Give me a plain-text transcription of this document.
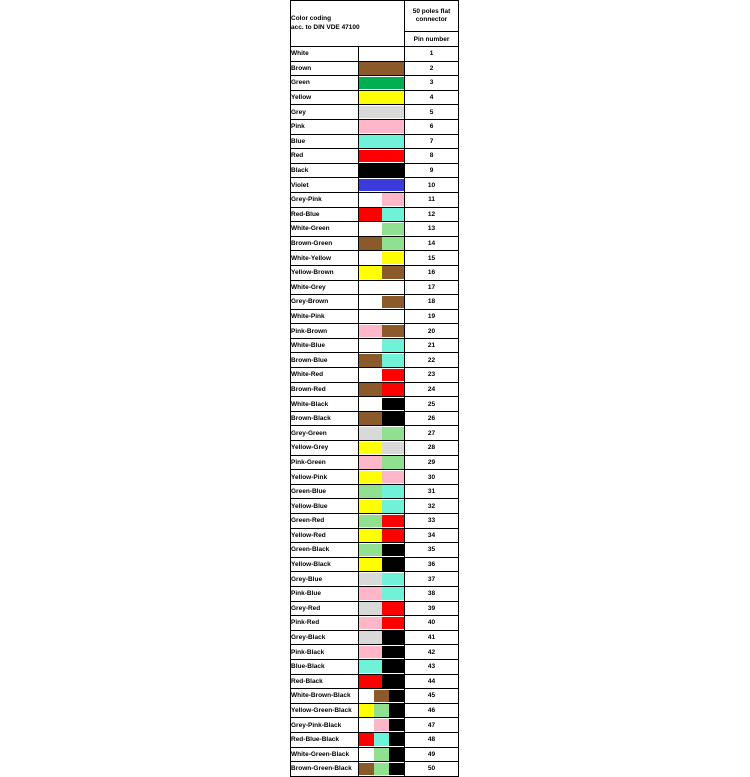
Color coding
acc. to DIN VDE 47100

50 poles flat
connector

		Pin number
White		1
Brown		2
Green		3
Yellow		4
Grey		5
Pink		6
Blue		7
Red		8
Black		9
Violet		10
Grey-Pink		11
Red-Blue		12
White-Green		13
Brown-Green		14
White-Yellow		15
Yellow-Brown		16
White-Grey		17
Grey-Brown		18
White-Pink		19
Pink-Brown		20
White-Blue		21
Brown-Blue		22
White-Red		23
Brown-Red		24
White-Black		25
Brown-Black		26
Grey-Green		27
Yellow-Grey		28
Pink-Green		29
Yellow-Pink		30
Green-Blue		31
Yellow-Blue		32
Green-Red		33
Yellow-Red		34
Green-Black		35
Yellow-Black		36
Grey-Blue		37
Pink-Blue		38
Grey-Red		39
Pink-Red		40
Grey-Black		41
Pink-Black		42
Blue-Black		43
Red-Black		44
White-Brown-Black		45
Yellow-Green-Black		46
Grey-Pink-Black		47
Red-Blue-Black		48
White-Green-Black		49
Brown-Green-Black		50
